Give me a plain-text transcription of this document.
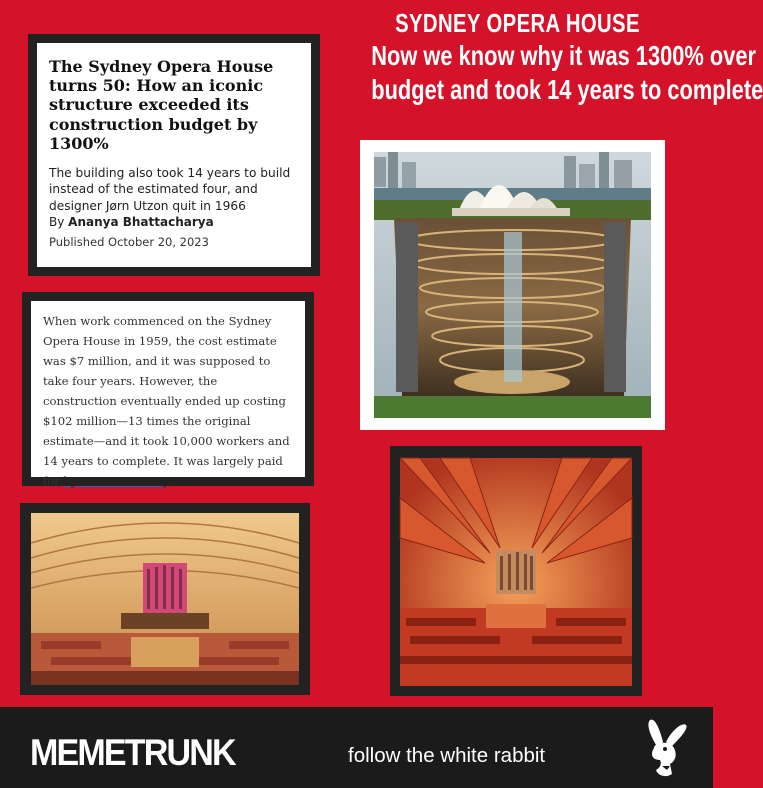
SYDNEY OPERA HOUSE
Now we know why it was 1300% over
budget and took 14 years to complete
The Sydney Opera House turns 50: How an iconic structure exceeded its construction budget by 1300%

The building also took 14 years to build instead of the estimated four, and designer Jørn Utzon quit in 1966

By Ananya Bhattacharya
Published October 20, 2023

When work commenced on the Sydney Opera House in 1959, the cost estimate was $7 million, and it was supposed to take four years. However, the construction eventually ended up costing $102 million—13 times the original estimate—and it took 10,000 workers and 14 years to complete. It was largely paid for by a State Lottery.

MEMETRUNK	follow the white rabbit
